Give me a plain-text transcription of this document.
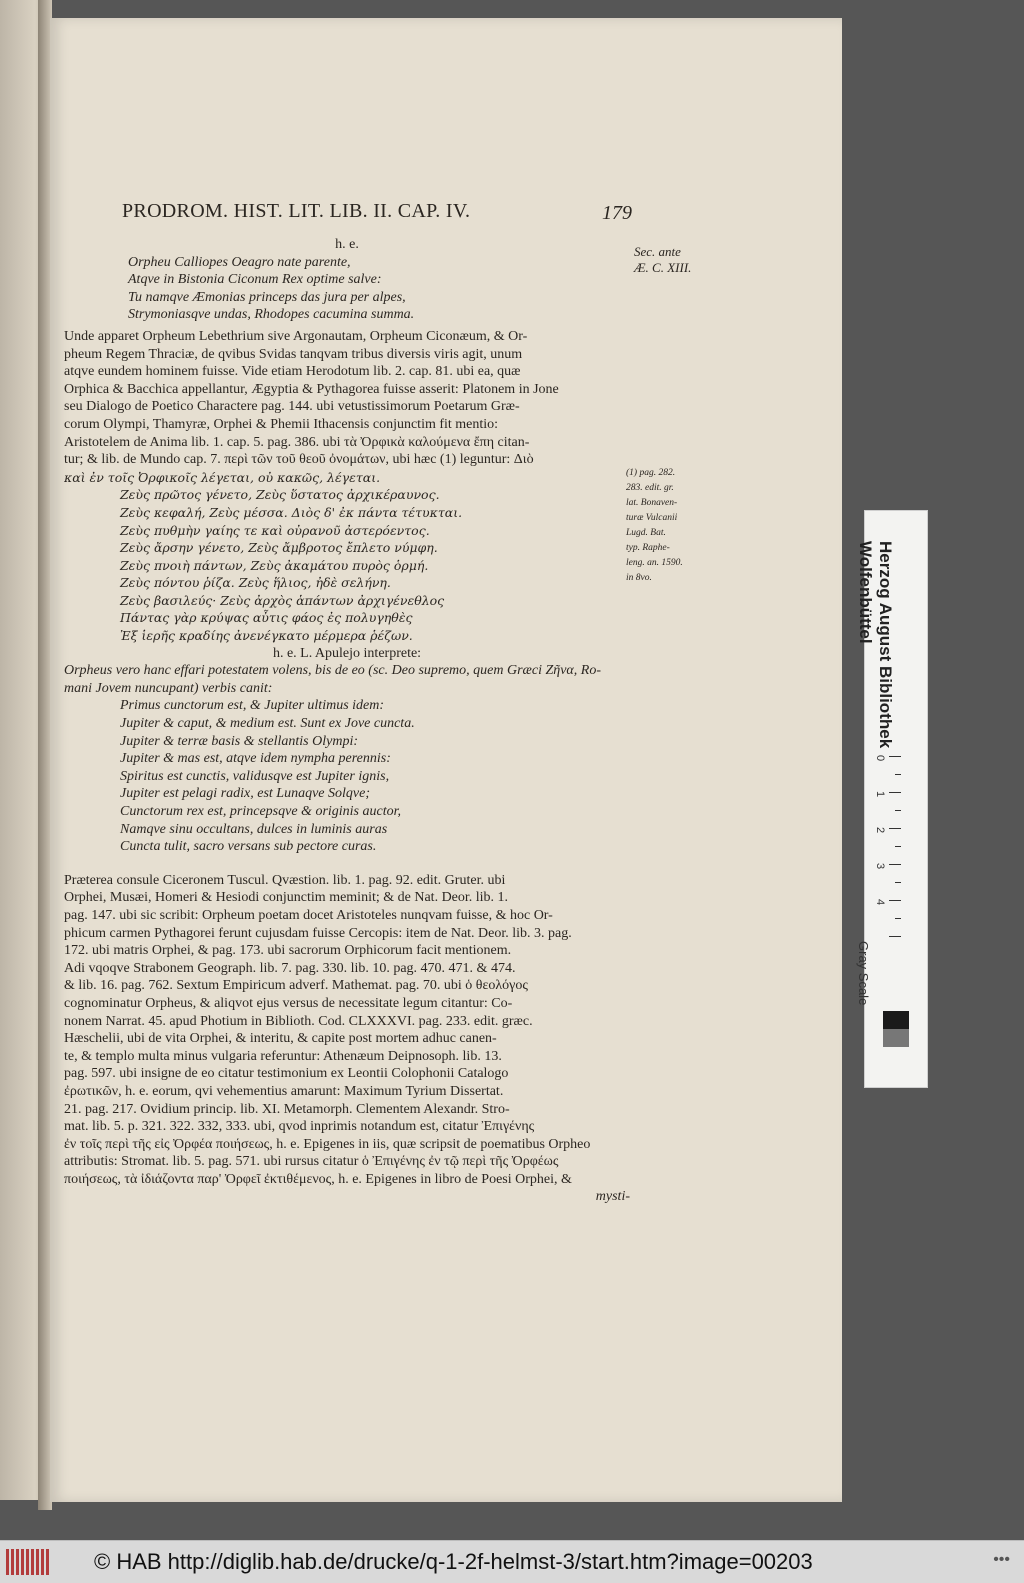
PRODROM. HIST. LIT. LIB. II. CAP. IV.	179
Sec. ante
Æ. C. XIII.
(1) pag. 282.
283. edit. gr.
lat. Bonaven-
turæ Vulcanii
Lugd. Bat.
typ. Raphe-
leng. an. 1590.
in 8vo.
h. e.
Orpheu Calliopes Oeagro nate parente,
Atqve in Bistonia Ciconum Rex optime salve:
Tu namqve Æmonias princeps das jura per alpes,
Strymoniasqve undas, Rhodopes cacumina summa.
Unde apparet Orpheum Lebethrium sive Argonautam, Orpheum Ciconæum, & Or-
pheum Regem Thraciæ, de qvibus Svidas tanqvam tribus diversis viris agit, unum
atqve eundem hominem fuisse. Vide etiam Herodotum lib. 2. cap. 81. ubi ea, quæ
Orphica & Bacchica appellantur, Ægyptia & Pythagorea fuisse asserit: Platonem in Jone
seu Dialogo de Poetico Charactere pag. 144. ubi vetustissimorum Poetarum Græ-
corum Olympi, Thamyræ, Orphei & Phemii Ithacensis conjunctim fit mentio:
Aristotelem de Anima lib. 1. cap. 5. pag. 386. ubi τὰ Ὀρφικὰ καλούμενα ἔπη citan-
tur; & lib. de Mundo cap. 7. περὶ τῶν τοῦ θεοῦ ὀνομάτων, ubi hæc (1) leguntur: Διὸ
καὶ ἐν τοῖς Ὀρφικοῖς λέγεται, οὐ κακῶς, λέγεται.
Ζεὺς πρῶτος γένετο, Ζεὺς ὕστατος ἀρχικέραυνος.
Ζεὺς κεφαλή, Ζεὺς μέσσα. Διὸς δ' ἐκ πάντα τέτυκται.
Ζεὺς πυθμὴν γαίης τε καὶ οὐρανοῦ ἀστερόεντος.
Ζεὺς ἄρσην γένετο, Ζεὺς ἄμβροτος ἔπλετο νύμφη.
Ζεὺς πνοιὴ πάντων, Ζεὺς ἀκαμάτου πυρὸς ὁρμή.
Ζεὺς πόντου ῥίζα. Ζεὺς ἥλιος, ἠδὲ σελήνη.
Ζεὺς βασιλεύς· Ζεὺς ἀρχὸς ἁπάντων ἀρχιγένεθλος
Πάντας γὰρ κρύψας αὖτις φάος ἐς πολυγηθὲς
Ἐξ ἱερῆς κραδίης ἀνενέγκατο μέρμερα ῥέζων.
h. e. L. Apulejo interprete:
Orpheus vero hanc effari potestatem volens, bis de eo (sc. Deo supremo, quem Græci Ζῆνα, Ro-
mani Jovem nuncupant) verbis canit:
Primus cunctorum est, & Jupiter ultimus idem:
Jupiter & caput, & medium est. Sunt ex Jove cuncta.
Jupiter & terræ basis & stellantis Olympi:
Jupiter & mas est, atqve idem nympha perennis:
Spiritus est cunctis, validusqve est Jupiter ignis,
Jupiter est pelagi radix, est Lunaqve Solqve;
Cunctorum rex est, princepsqve & originis auctor,
Namqve sinu occultans, dulces in luminis auras
Cuncta tulit, sacro versans sub pectore curas.
Præterea consule Ciceronem Tuscul. Qvæstion. lib. 1. pag. 92. edit. Gruter. ubi
Orphei, Musæi, Homeri & Hesiodi conjunctim meminit; & de Nat. Deor. lib. 1.
pag. 147. ubi sic scribit: Orpheum poetam docet Aristoteles nunqvam fuisse, & hoc Or-
phicum carmen Pythagorei ferunt cujusdam fuisse Cercopis: item de Nat. Deor. lib. 3. pag.
172. ubi matris Orphei, & pag. 173. ubi sacrorum Orphicorum facit mentionem.
Adi vqoqve Strabonem Geograph. lib. 7. pag. 330. lib. 10. pag. 470. 471. & 474.
& lib. 16. pag. 762. Sextum Empiricum adverf. Mathemat. pag. 70. ubi ὁ θεολόγος
cognominatur Orpheus, & aliqvot ejus versus de necessitate legum citantur: Co-
nonem Narrat. 45. apud Photium in Biblioth. Cod. CLXXXVI. pag. 233. edit. græc.
Hæschelii, ubi de vita Orphei, & interitu, & capite post mortem adhuc canen-
te, & templo multa minus vulgaria referuntur: Athenæum Deipnosoph. lib. 13.
pag. 597. ubi insigne de eo citatur testimonium ex Leontii Colophonii Catalogo
ἐρωτικῶν, h. e. eorum, qvi vehementius amarunt: Maximum Tyrium Dissertat.
21. pag. 217. Ovidium princip. lib. XI. Metamorph. Clementem Alexandr. Stro-
mat. lib. 5. p. 321. 322. 332, 333. ubi, qvod inprimis notandum est, citatur Ἐπιγένης
ἐν τοῖς περὶ τῆς εἰς Ὀρφέα ποιήσεως, h. e. Epigenes in iis, quæ scripsit de poematibus Orpheo
attributis: Stromat. lib. 5. pag. 571. ubi rursus citatur ὁ Ἐπιγένης ἐν τῷ περὶ τῆς Ὀρφέως
ποιήσεως, τὰ ἰδιάζοντα παρ' Ὀρφεῖ ἐκτιθέμενος, h. e. Epigenes in libro de Poesi Orphei, &
mysti-
Herzog August Bibliothek
Wolfenbüttel
0
1
2
3
4
Gray Scale
© HAB http://diglib.hab.de/drucke/q-1-2f-helmst-3/start.htm?image=00203	•••
